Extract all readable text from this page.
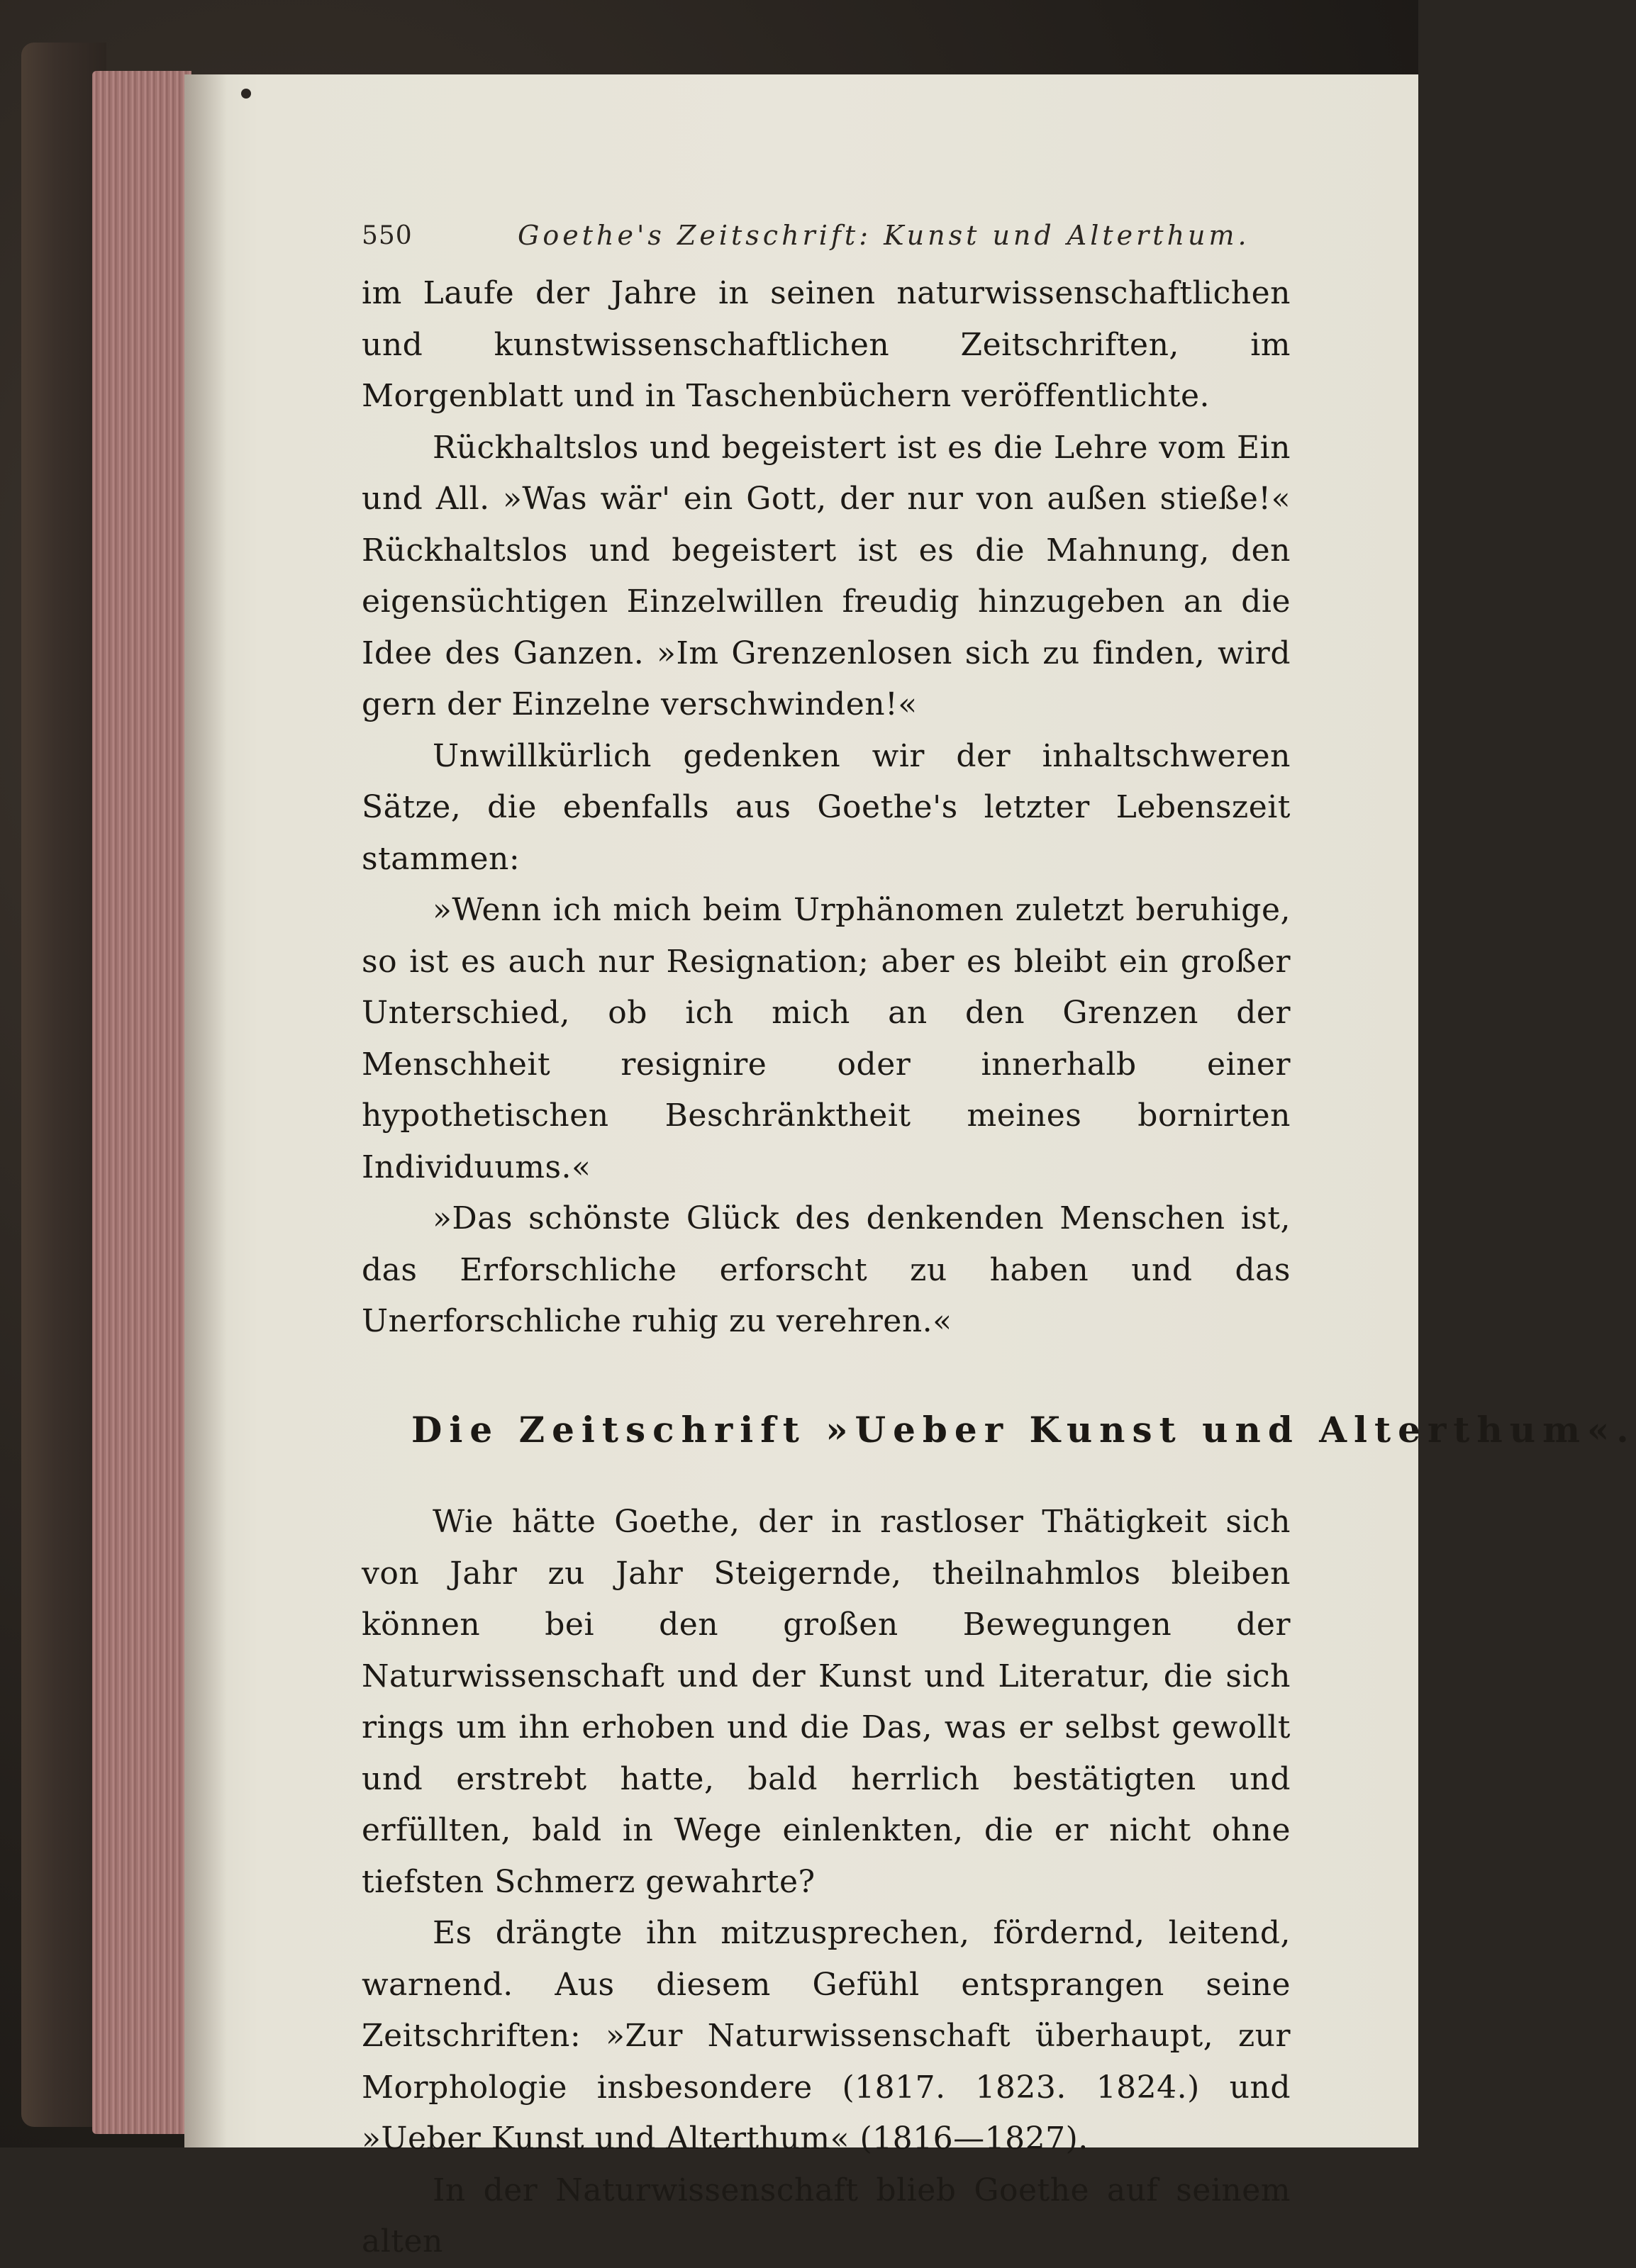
550	Goethe's Zeitschrift: Kunst und Alterthum.

im Laufe der Jahre in seinen naturwissenschaftlichen und kunstwissenschaftlichen Zeitschriften, im Morgenblatt und in Taschenbüchern veröffentlichte.

Rückhaltslos und begeistert ist es die Lehre vom Ein und All. »Was wär' ein Gott, der nur von außen stieße!« Rückhaltslos und begeistert ist es die Mahnung, den eigensüchtigen Einzelwillen freudig hinzugeben an die Idee des Ganzen. »Im Grenzenlosen sich zu finden, wird gern der Einzelne verschwinden!«

Unwillkürlich gedenken wir der inhaltschweren Sätze, die ebenfalls aus Goethe's letzter Lebenszeit stammen:

»Wenn ich mich beim Urphänomen zuletzt beruhige, so ist es auch nur Resignation; aber es bleibt ein großer Unterschied, ob ich mich an den Grenzen der Menschheit resignire oder innerhalb einer hypothetischen Beschränktheit meines bornirten Individuums.«

»Das schönste Glück des denkenden Menschen ist, das Erforschliche erforscht zu haben und das Unerforschliche ruhig zu verehren.«

Die Zeitschrift »Ueber Kunst und Alterthum«.

Wie hätte Goethe, der in rastloser Thätigkeit sich von Jahr zu Jahr Steigernde, theilnahmlos bleiben können bei den großen Bewegungen der Naturwissenschaft und der Kunst und Literatur, die sich rings um ihn erhoben und die Das, was er selbst gewollt und erstrebt hatte, bald herrlich bestätigten und erfüllten, bald in Wege einlenkten, die er nicht ohne tiefsten Schmerz gewahrte?

Es drängte ihn mitzusprechen, fördernd, leitend, warnend. Aus diesem Gefühl entsprangen seine Zeitschriften: »Zur Naturwissenschaft überhaupt, zur Morphologie insbesondere (1817. 1823. 1824.) und »Ueber Kunst und Alterthum« (1816—1827).

In der Naturwissenschaft blieb Goethe auf seinem alten
